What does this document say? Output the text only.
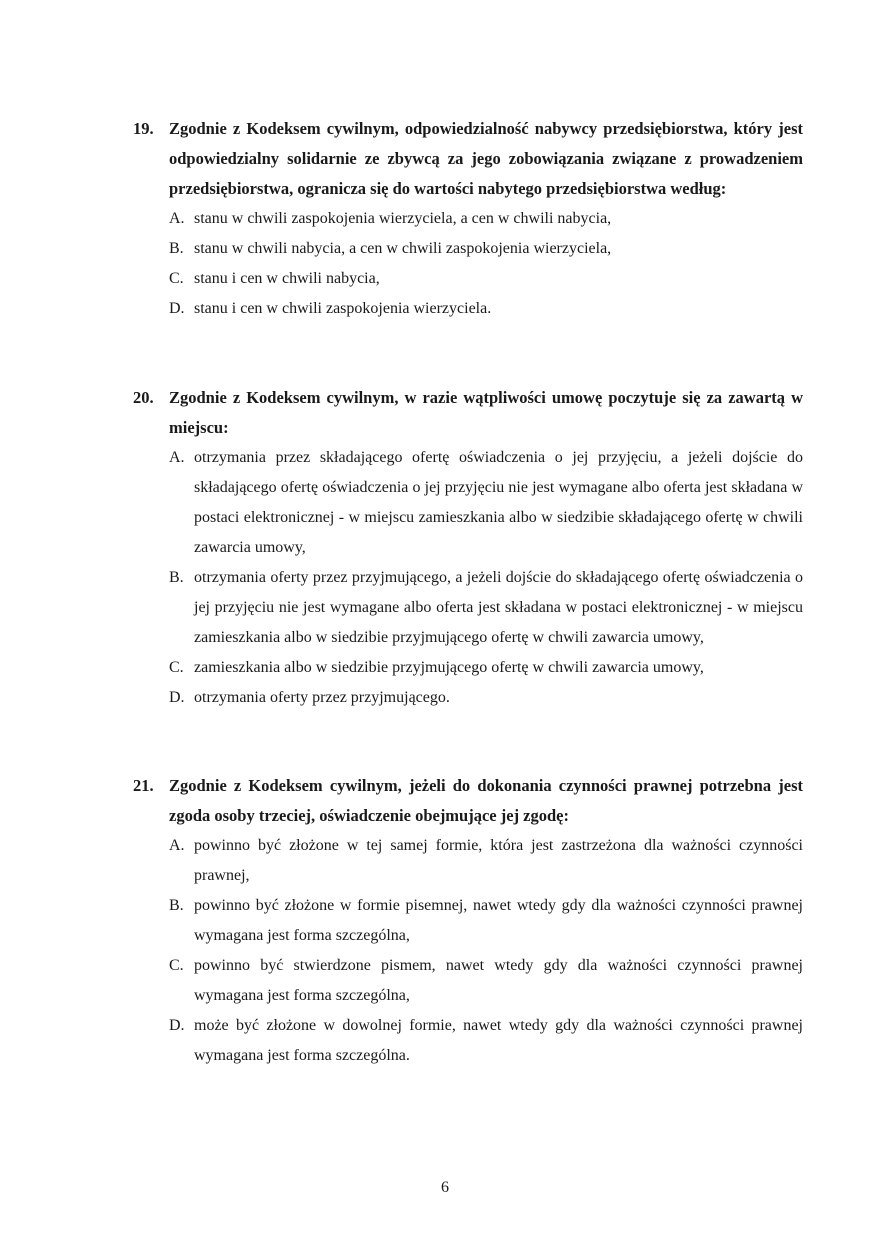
19. Zgodnie z Kodeksem cywilnym, odpowiedzialność nabywcy przedsiębiorstwa, który jest odpowiedzialny solidarnie ze zbywcą za jego zobowiązania związane z prowadzeniem przedsiębiorstwa, ogranicza się do wartości nabytego przedsiębiorstwa według:
A. stanu w chwili zaspokojenia wierzyciela, a cen w chwili nabycia,
B. stanu w chwili nabycia, a cen w chwili zaspokojenia wierzyciela,
C. stanu i cen w chwili nabycia,
D. stanu i cen w chwili zaspokojenia wierzyciela.
20. Zgodnie z Kodeksem cywilnym, w razie wątpliwości umowę poczytuje się za zawartą w miejscu:
A. otrzymania przez składającego ofertę oświadczenia o jej przyjęciu, a jeżeli dojście do składającego ofertę oświadczenia o jej przyjęciu nie jest wymagane albo oferta jest składana w postaci elektronicznej - w miejscu zamieszkania albo w siedzibie składającego ofertę w chwili zawarcia umowy,
B. otrzymania oferty przez przyjmującego, a jeżeli dojście do składającego ofertę oświadczenia o jej przyjęciu nie jest wymagane albo oferta jest składana w postaci elektronicznej - w miejscu zamieszkania albo w siedzibie przyjmującego ofertę w chwili zawarcia umowy,
C. zamieszkania albo w siedzibie przyjmującego ofertę w chwili zawarcia umowy,
D. otrzymania oferty przez przyjmującego.
21. Zgodnie z Kodeksem cywilnym, jeżeli do dokonania czynności prawnej potrzebna jest zgoda osoby trzeciej, oświadczenie obejmujące jej zgodę:
A. powinno być złożone w tej samej formie, która jest zastrzeżona dla ważności czynności prawnej,
B. powinno być złożone w formie pisemnej, nawet wtedy gdy dla ważności czynności prawnej wymagana jest forma szczególna,
C. powinno być stwierdzone pismem, nawet wtedy gdy dla ważności czynności prawnej wymagana jest forma szczególna,
D. może być złożone w dowolnej formie, nawet wtedy gdy dla ważności czynności prawnej wymagana jest forma szczególna.
6
